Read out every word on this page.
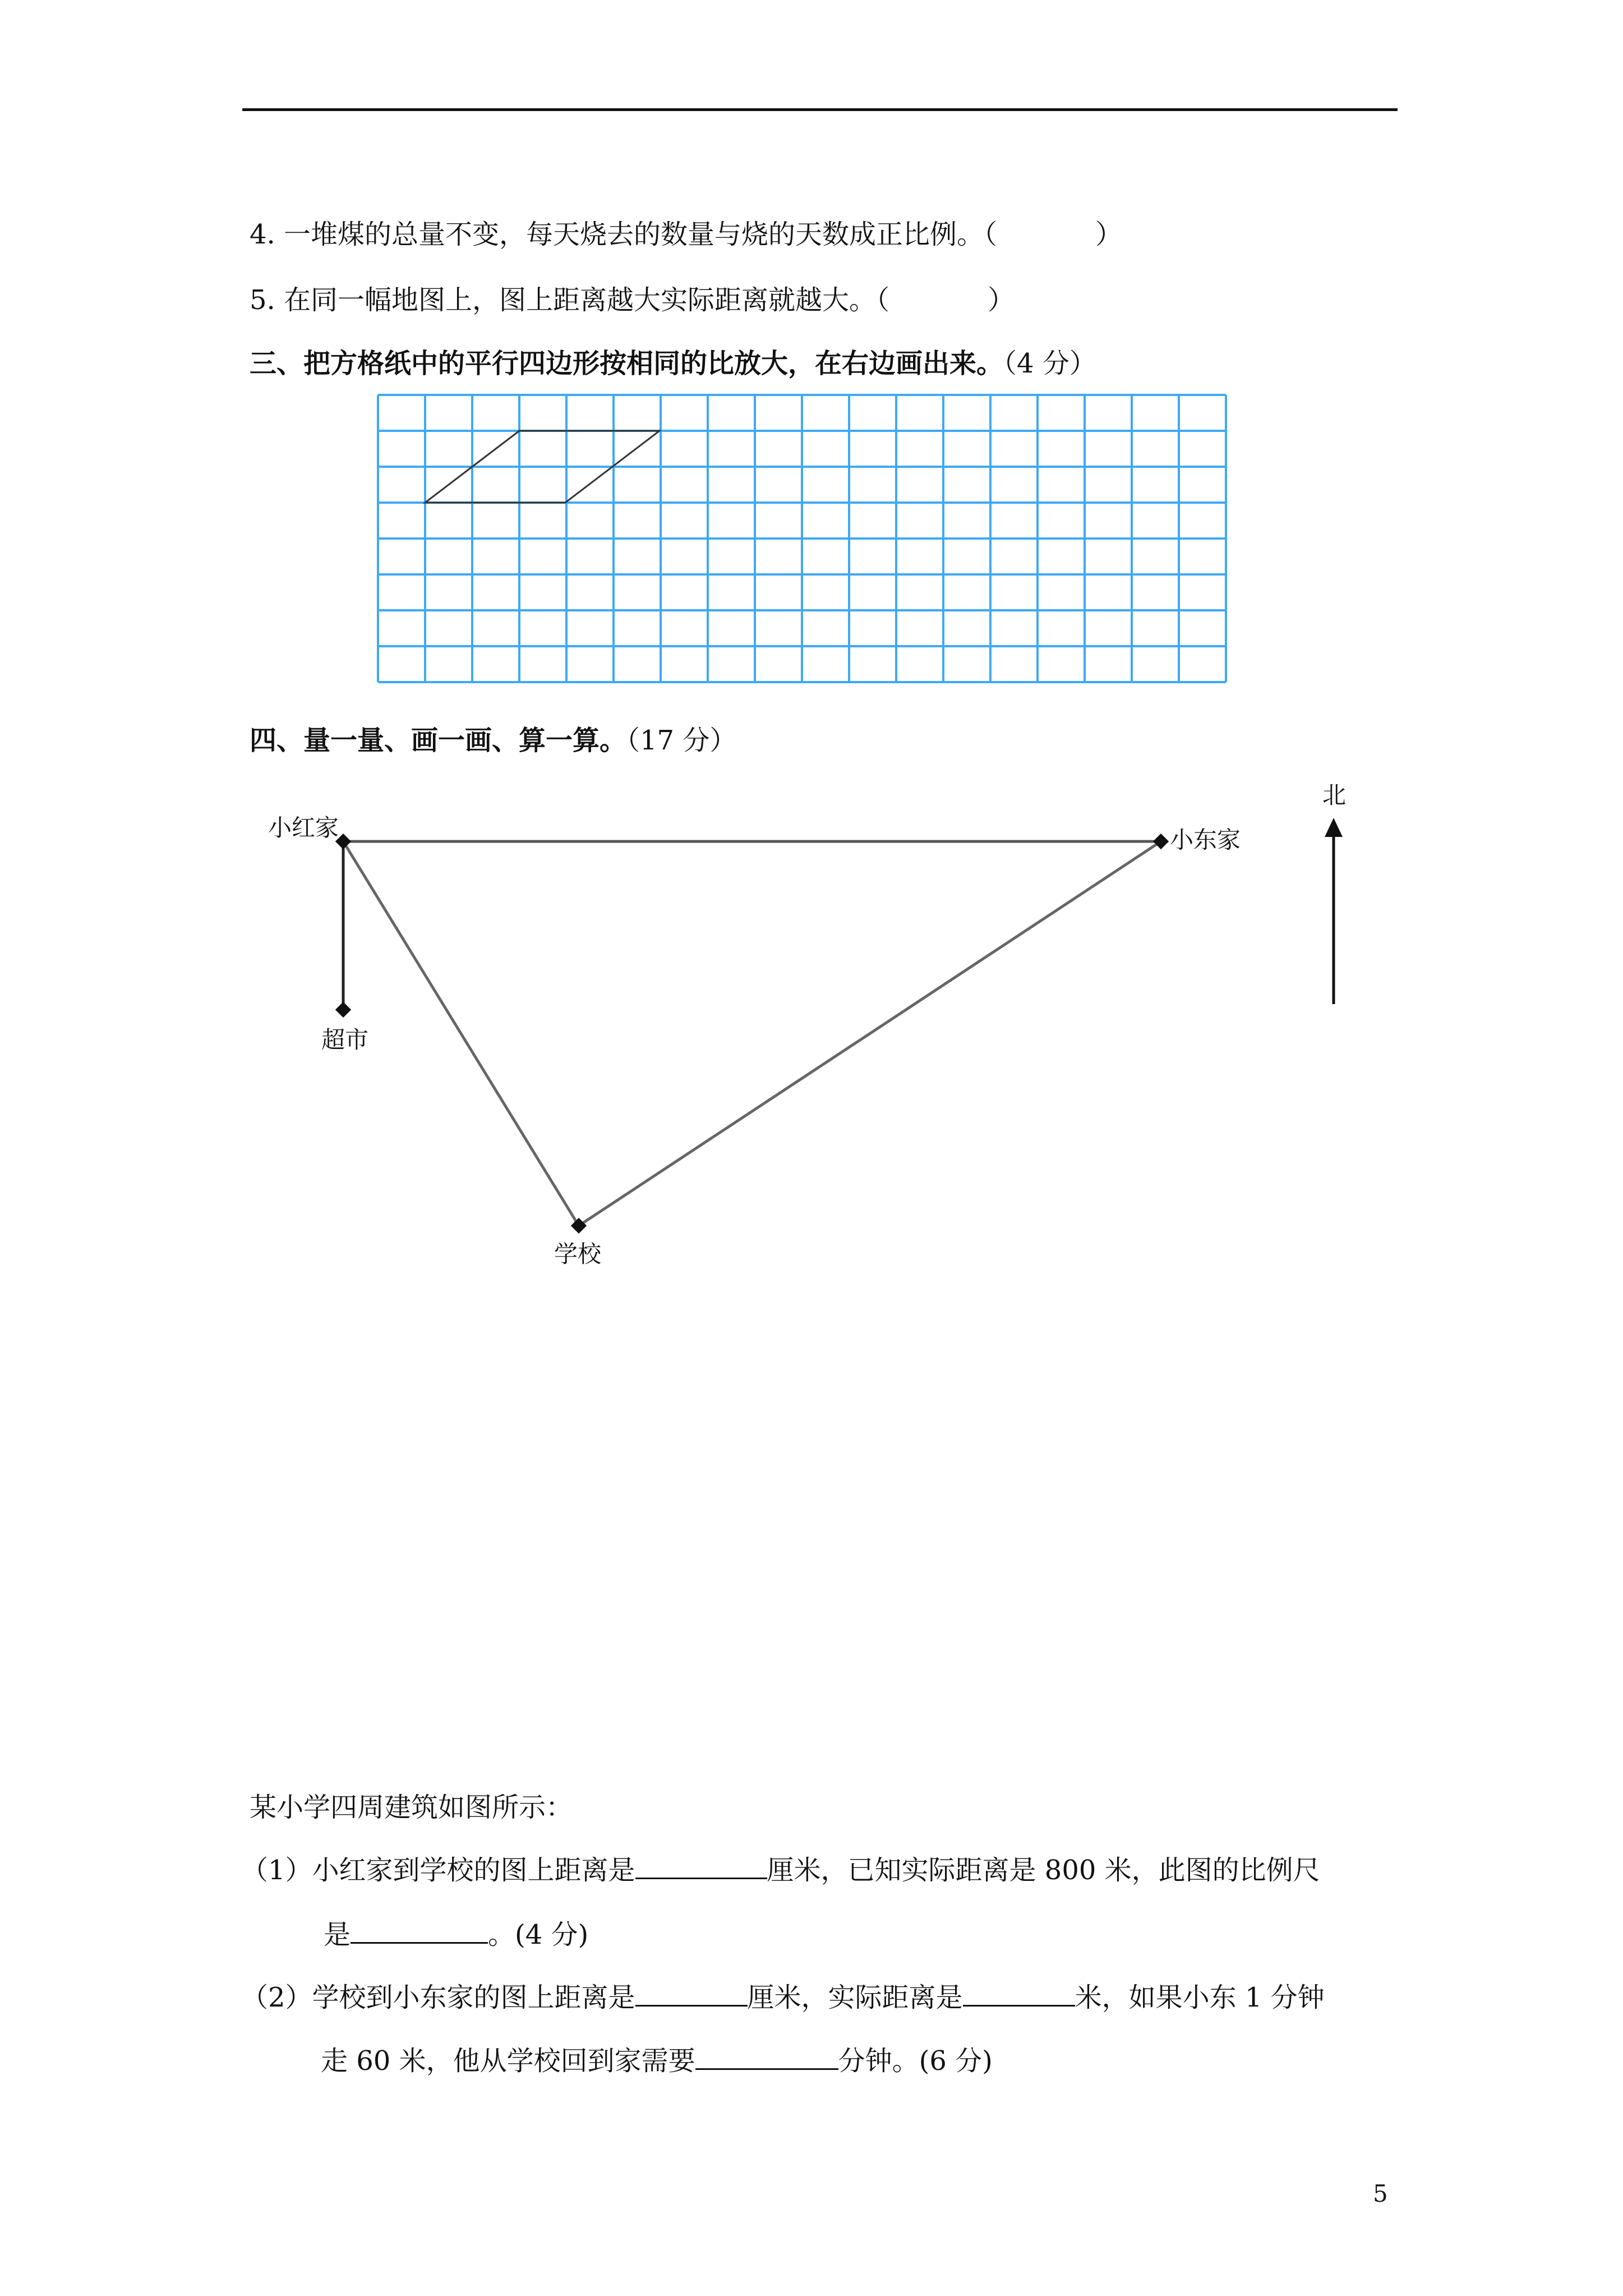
4. 一堆煤的总量不变，每天烧去的数量与烧的天数成正比例。（	）
5. 在同一幅地图上，图上距离越大实际距离就越大。（	）
三、把方格纸中的平行四边形按相同的比放大，在右边画出来。（4 分）
小红家	小东家
超市
学校
北
四、量一量、画一画、算一算。（17 分）
某小学四周建筑如图所示：
（1）小红家到学校的图上距离是	厘米，已知实际距离是 800 米，此图的比例尺
是	。(4 分)
（2）学校到小东家的图上距离是	厘米，实际距离是	米，如果小东 1 分钟
走 60 米，他从学校回到家需要	分钟。(6 分)
5
